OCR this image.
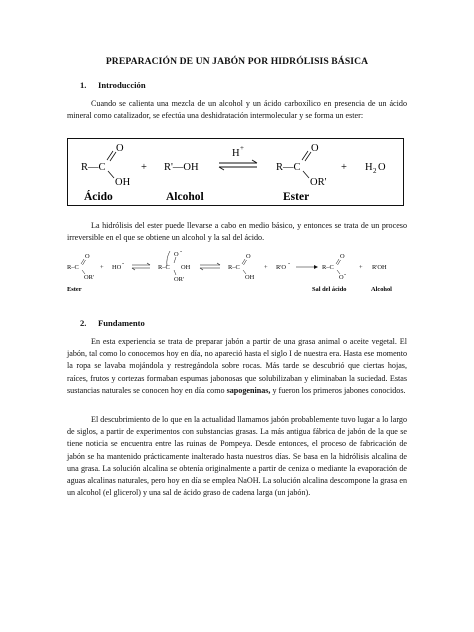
PREPARACIÓN DE UN JABÓN POR HIDRÓLISIS BÁSICA
1. Introducción
Cuando se calienta una mezcla de un alcohol y un ácido carboxílico en presencia de un ácido mineral como catalizador, se efectúa una deshidratación intermolecular y se forma un ester:
R—C
O
OH
+ R'—OH
H +
R—C
O
OR'
+ H 2 O
Ácido	Alcohol	Ester
La hidrólisis del ester puede llevarse a cabo en medio básico, y entonces se trata de un proceso irreversible en el que se obtiene un alcohol y la sal del ácido.
R–C
O
OR'
+ HO
-
R–C
O -
OH
OR'
R–C
O
OH
+ R'O
-
R–C
O
O -
+ R'OH
Ester	Sal del ácido	Alcohol
2. Fundamento
En esta experiencia se trata de preparar jabón a partir de una grasa animal o aceite vegetal. El jabón, tal como lo conocemos hoy en día, no apareció hasta el siglo I de nuestra era. Hasta ese momento la ropa se lavaba mojándola y restregándola sobre rocas. Más tarde se descubrió que ciertas hojas, raíces, frutos y cortezas formaban espumas jabonosas que solubilizaban y eliminaban la suciedad. Estas sustancias naturales se conocen hoy en día como sapogeninas, y fueron los primeros jabones conocidos.
El descubrimiento de lo que en la actualidad llamamos jabón probablemente tuvo lugar a lo largo de siglos, a partir de experimentos con substancias grasas. La más antigua fábrica de jabón de la que se tiene noticia se encuentra entre las ruinas de Pompeya. Desde entonces, el proceso de fabricación de jabón se ha mantenido prácticamente inalterado hasta nuestros días. Se basa en la hidrólisis alcalina de una grasa. La solución alcalina se obtenía originalmente a partir de ceniza o mediante la evaporación de aguas alcalinas naturales, pero hoy en día se emplea NaOH. La solución alcalina descompone la grasa en un alcohol (el glicerol) y una sal de ácido graso de cadena larga (un jabón).
